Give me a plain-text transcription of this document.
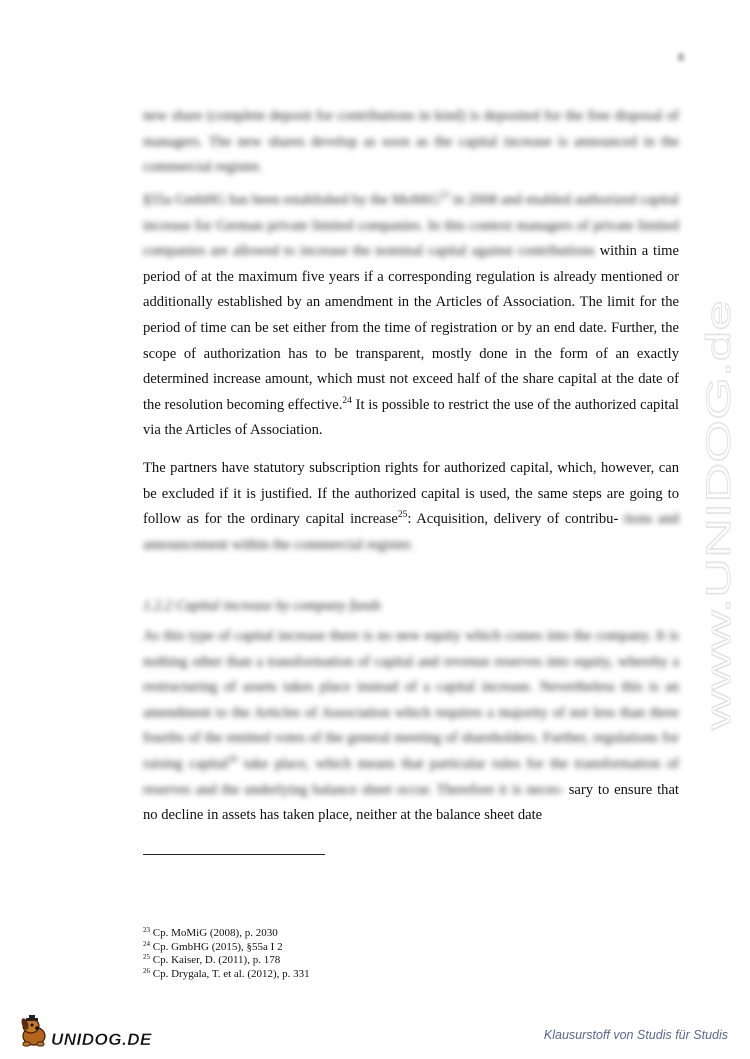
8

new share (complete deposit for contributions in kind) is deposited for the free disposal of managers. The new shares develop as soon as the capital increase is announced in the commercial register.

§55a GmbHG has been established by the MoMiG$^{23}$ in 2008 and enabled authorized capital increase for German private limited companies. In this context managers of private limited companies are allowed to increase the nominal capital against contributions within a time period of at the maximum five years if a corresponding regulation is already mentioned or additionally established by an amendment in the Articles of Association. The limit for the period of time can be set either from the time of registration or by an end date. Further, the scope of authorization has to be transparent, mostly done in the form of an exactly determined increase amount, which must not exceed half of the share capital at the date of the resolution becoming effective.$^{24}$ It is possible to restrict the use of the authorized capital via the Articles of Association.

The partners have statutory subscription rights for authorized capital, which, however, can be excluded if it is justified. If the authorized capital is used, the same steps are going to follow as for the ordinary capital increase$^{25}$: Acquisition, delivery of contribu- tions and announcement within the commercial register.

1.2.2 Capital increase by company funds

As this type of capital increase there is no new equity which comes into the company. It is nothing other than a transformation of capital and revenue reserves into equity, whereby a restructuring of assets takes place instead of a capital increase. Nevertheless this is an amendment to the Articles of Association which requires a majority of not less than three fourths of the emitted votes of the general meeting of shareholders. Further, regulations for raising capital$^{26}$ take place, which means that particular rules for the transformation of reserves and the underlying balance sheet occur. Therefore it is neces- sary to ensure that no decline in assets has taken place, neither at the balance sheet date

$^{23}$ Cp. MoMiG (2008), p. 2030
$^{24}$ Cp. GmbHG (2015), §55a I 2
$^{25}$ Cp. Kaiser, D. (2011), p. 178
$^{26}$ Cp. Drygala, T. et al. (2012), p. 331
www.UNIDOG.de
UNIDOG.DE	Klausurstoff von Studis für Studis
